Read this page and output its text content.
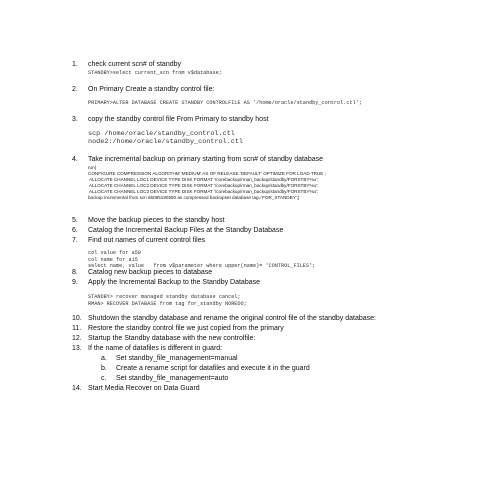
1. check current scn# of standby
STANDBY>select current_scn from v$database;
2. On Primary Create a standby control file:
PRIMARY>ALTER DATABASE CREATE STANDBY CONTROLFILE AS '/home/oracle/standby_control.ctl';
3. copy the standby control file From Primary to standby host
scp /home/oracle/standby_control.ctl
node2:/home/oracle/standby_control.ctl
4. Take incremental backup on primary starting from scn# of standby database
run{
CONFIGURE COMPRESSION ALGORITHM 'MEDIUM' AS OF RELEASE 'DEFAULT' OPTIMIZE FOR LOAD TRUE ;
ALLOCATE CHANNEL LOC1 DEVICE TYPE DISK FORMAT '/corebackup/rman_backup/standby/FORSTBY%u';
ALLOCATE CHANNEL LOC2 DEVICE TYPE DISK FORMAT '/corebackup/rman_backup/standby/FORSTBY%u';
ALLOCATE CHANNEL LOC3 DEVICE TYPE DISK FORMAT '/corebackup/rman_backup/standby/FORSTBY%u';
backup incremental from scn 65085180550 as compressed backupset database tag='FOR_STANDBY';}
5. Move the backup pieces to the standby host
6. Catalog the Incremental Backup Files at the Standby Database
7. Find out names of current control files
col value for a50
col name for a15
select name, value   from v$parameter where upper(name)= 'CONTROL_FILES';
8. Catalog new backup pieces to database
9. Apply the Incremental Backup to the Standby Database
STANDBY> recover managed standby database cancel;
RMAN> RECOVER DATABASE from tag for_standby NOREDO;
10. Shutdown the standby database and rename the original control file of the standby database:
11. Restore the standby control file we just copied from the primary
12. Startup the Standby database with the new controlfile:
13. If the name of datafiles is different in guard:
a. Set standby_file_management=manual
b. Create a rename script for datafiles and execute it in the guard
c. Set standby_file_management=auto
14. Start Media Recover on Data Guard
